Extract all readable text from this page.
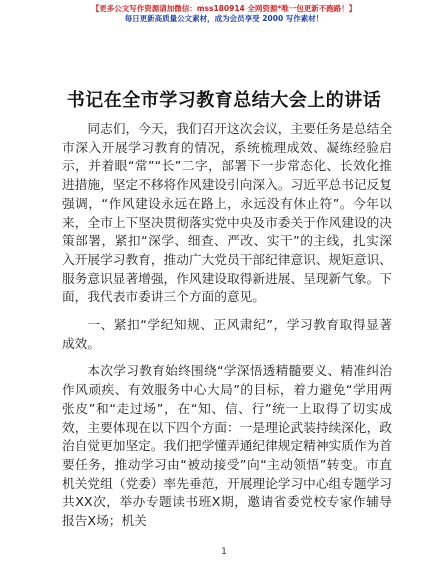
【更多公文写作资源请加微信：mss180914 全网资源*唯一包更新不跑路！】
每日更新高质量公文素材，成为会员享受 2000 写作素材！
书记在全市学习教育总结大会上的讲话

同志们，今天，我们召开这次会议，主要任务是总结全市深入开展学习教育的情况，系统梳理成效、凝练经验启示，并着眼“常”“长”二字，部署下一步常态化、长效化推进措施，坚定不移将作风建设引向深入。习近平总书记反复强调，“作风建设永远在路上，永远没有休止符”。今年以来，全市上下坚决贯彻落实党中央及市委关于作风建设的决策部署，紧扣“深学、细查、严改、实干”的主线，扎实深入开展学习教育，推动广大党员干部纪律意识、规矩意识、服务意识显著增强，作风建设取得新进展、呈现新气象。下面，我代表市委讲三个方面的意见。

一、紧扣“学纪知规、正风肃纪”，学习教育取得显著成效。

本次学习教育始终围绕“学深悟透精髓要义、精准纠治作风顽疾、有效服务中心大局”的目标，着力避免“学用两张皮”和“走过场”，在“知、信、行”统一上取得了切实成效，主要体现在以下四个方面：一是理论武装持续深化，政治自觉更加坚定。我们把学懂弄通纪律规定精神实质作为首要任务，推动学习由“被动接受”向“主动领悟”转变。市直机关党组（党委）率先垂范，开展理论学习中心组专题学习共XX次，举办专题读书班X期，邀请省委党校专家作辅导报告X场；机关

1
